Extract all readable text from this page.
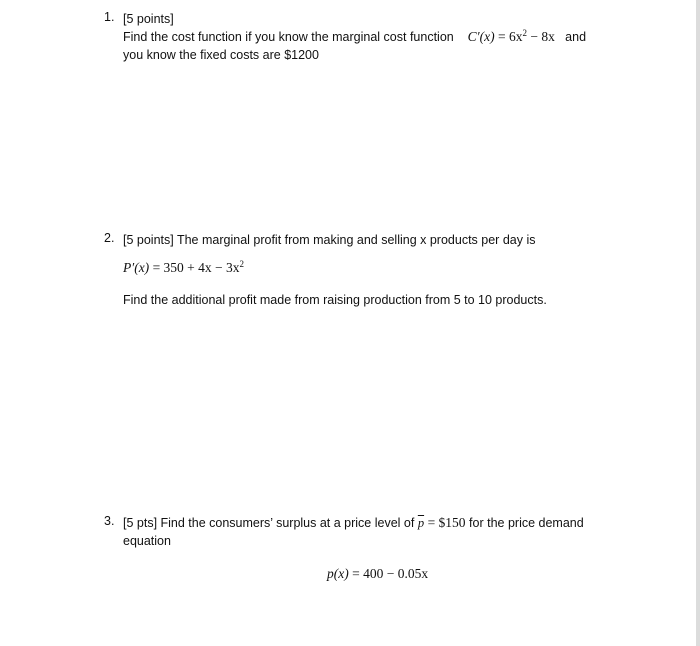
1. [5 points]
Find the cost function if you know the marginal cost function $C'(x) = 6x^2 - 8x$ and
you know the fixed costs are $1200
2. [5 points] The marginal profit from making and selling x products per day is
$P'(x) = 350 + 4x - 3x^2$
Find the additional profit made from raising production from 5 to 10 products.
3. [5 pts] Find the consumers’ surplus at a price level of $\overline{p}$ = $150 for the price demand
equation
p(x) = 400 − 0.05x
